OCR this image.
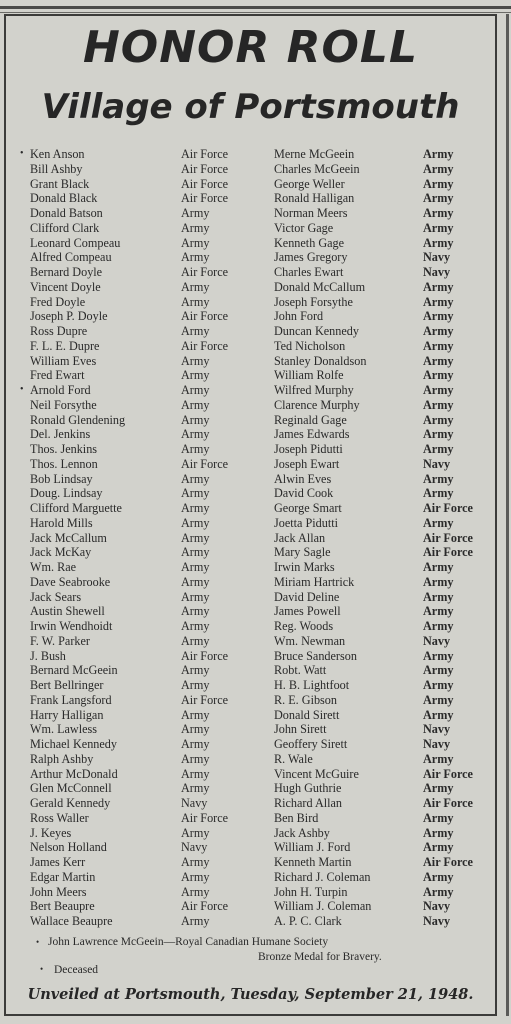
HONOR ROLL
Village of Portsmouth
• Ken Anson	Air Force	Merne McGeein	Army
Bill Ashby	Air Force	Charles McGeein	Army
Grant Black	Air Force	George Weller	Army
Donald Black	Air Force	Ronald Halligan	Army
Donald Batson	Army	Norman Meers	Army
Clifford Clark	Army	Victor Gage	Army
Leonard Compeau	Army	Kenneth Gage	Army
Alfred Compeau	Army	James Gregory	Navy
Bernard Doyle	Air Force	Charles Ewart	Navy
Vincent Doyle	Army	Donald McCallum	Army
Fred Doyle	Army	Joseph Forsythe	Army
Joseph P. Doyle	Air Force	John Ford	Army
Ross Dupre	Army	Duncan Kennedy	Army
F. L. E. Dupre	Air Force	Ted Nicholson	Army
William Eves	Army	Stanley Donaldson	Army
Fred Ewart	Army	William Rolfe	Army
• Arnold Ford	Army	Wilfred Murphy	Army
Neil Forsythe	Army	Clarence Murphy	Army
Ronald Glendening	Army	Reginald Gage	Army
Del. Jenkins	Army	James Edwards	Army
Thos. Jenkins	Army	Joseph Pidutti	Army
Thos. Lennon	Air Force	Joseph Ewart	Navy
Bob Lindsay	Army	Alwin Eves	Army
Doug. Lindsay	Army	David Cook	Army
Clifford Marguette	Army	George Smart	Air Force
Harold Mills	Army	Joetta Pidutti	Army
Jack McCallum	Army	Jack Allan	Air Force
Jack McKay	Army	Mary Sagle	Air Force
Wm. Rae	Army	Irwin Marks	Army
Dave Seabrooke	Army	Miriam Hartrick	Army
Jack Sears	Army	David Deline	Army
Austin Shewell	Army	James Powell	Army
Irwin Wendhoidt	Army	Reg. Woods	Army
F. W. Parker	Army	Wm. Newman	Navy
J. Bush	Air Force	Bruce Sanderson	Army
Bernard McGeein	Army	Robt. Watt	Army
Bert Bellringer	Army	H. B. Lightfoot	Army
Frank Langsford	Air Force	R. E. Gibson	Army
Harry Halligan	Army	Donald Sirett	Army
Wm. Lawless	Army	John Sirett	Navy
Michael Kennedy	Army	Geoffery Sirett	Navy
Ralph Ashby	Army	R. Wale	Army
Arthur McDonald	Army	Vincent McGuire	Air Force
Glen McConnell	Army	Hugh Guthrie	Army
Gerald Kennedy	Navy	Richard Allan	Air Force
Ross Waller	Air Force	Ben Bird	Army
J. Keyes	Army	Jack Ashby	Army
Nelson Holland	Navy	William J. Ford	Army
James Kerr	Army	Kenneth Martin	Air Force
Edgar Martin	Army	Richard J. Coleman	Army
John Meers	Army	John H. Turpin	Army
Bert Beaupre	Air Force	William J. Coleman	Navy
Wallace Beaupre	Army	A. P. C. Clark	Navy
• John Lawrence McGeein—Royal Canadian Humane Society
Bronze Medal for Bravery.
• Deceased
Unveiled at Portsmouth, Tuesday, September 21, 1948.
